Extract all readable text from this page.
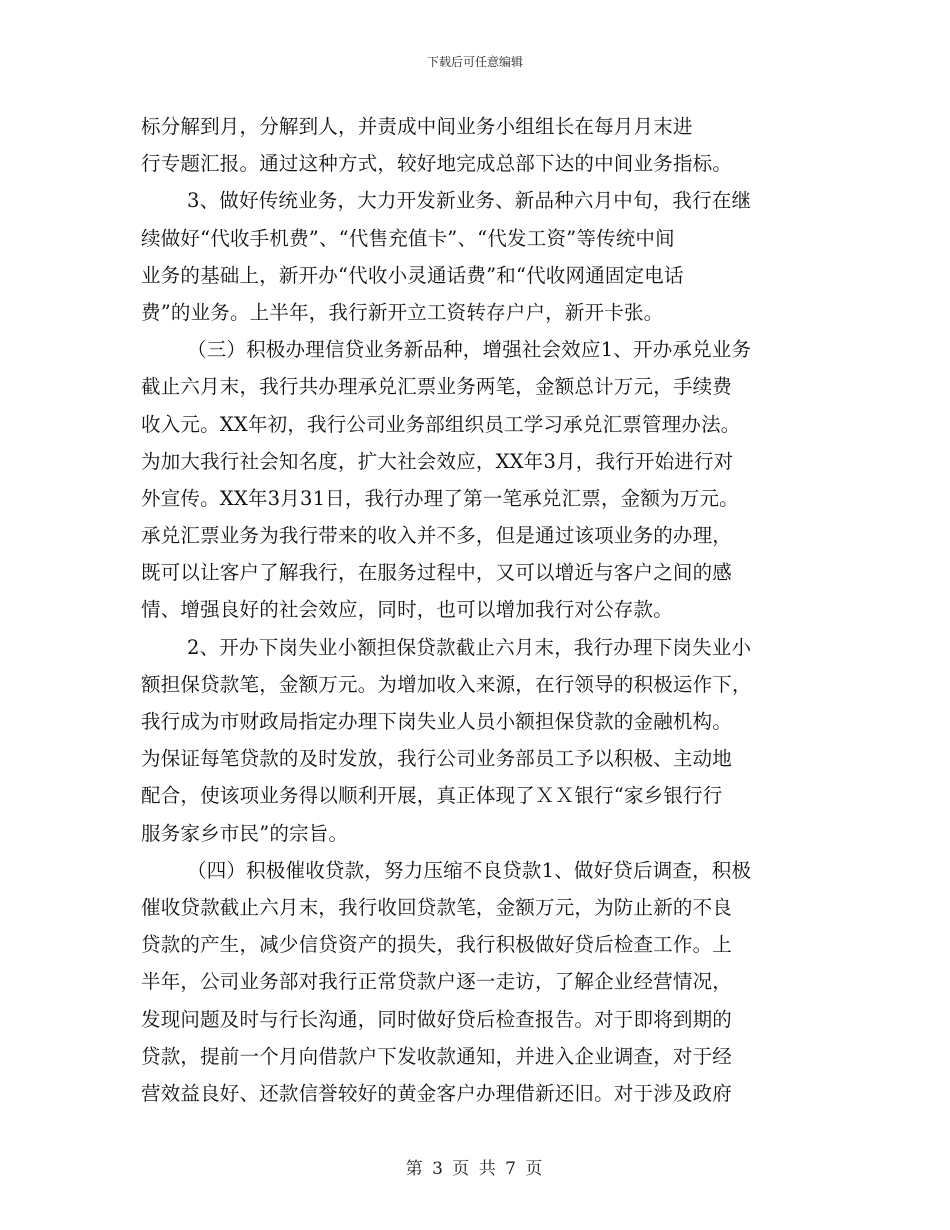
下载后可任意编辑
标分解到月，分解到人，并责成中间业务小组组长在每月月末进
行专题汇报。通过这种方式，较好地完成总部下达的中间业务指标。
3、做好传统业务，大力开发新业务、新品种六月中旬，我行在继
续做好“代收手机费”、“代售充值卡”、“代发工资”等传统中间
业务的基础上，新开办“代收小灵通话费”和“代收网通固定电话
费”的业务。上半年，我行新开立工资转存户户，新开卡张。
（三）积极办理信贷业务新品种，增强社会效应1、开办承兑业务
截止六月末，我行共办理承兑汇票业务两笔，金额总计万元，手续费
收入元。XX年初，我行公司业务部组织员工学习承兑汇票管理办法。
为加大我行社会知名度，扩大社会效应，XX年3月，我行开始进行对
外宣传。XX年3月31日，我行办理了第一笔承兑汇票，金额为万元。
承兑汇票业务为我行带来的收入并不多，但是通过该项业务的办理，
既可以让客户了解我行，在服务过程中，又可以增近与客户之间的感
情、增强良好的社会效应，同时，也可以增加我行对公存款。
2、开办下岗失业小额担保贷款截止六月末，我行办理下岗失业小
额担保贷款笔，金额万元。为增加收入来源，在行领导的积极运作下，
我行成为市财政局指定办理下岗失业人员小额担保贷款的金融机构。
为保证每笔贷款的及时发放，我行公司业务部员工予以积极、主动地
配合，使该项业务得以顺利开展，真正体现了ＸＸ银行“家乡银行行
服务家乡市民”的宗旨。
（四）积极催收贷款，努力压缩不良贷款1、做好贷后调查，积极
催收贷款截止六月末，我行收回贷款笔，金额万元，为防止新的不良
贷款的产生，减少信贷资产的损失，我行积极做好贷后检查工作。上
半年，公司业务部对我行正常贷款户逐一走访，了解企业经营情况，
发现问题及时与行长沟通，同时做好贷后检查报告。对于即将到期的
贷款，提前一个月向借款户下发收款通知，并进入企业调查，对于经
营效益良好、还款信誉较好的黄金客户办理借新还旧。对于涉及政府
第 3 页 共 7 页
